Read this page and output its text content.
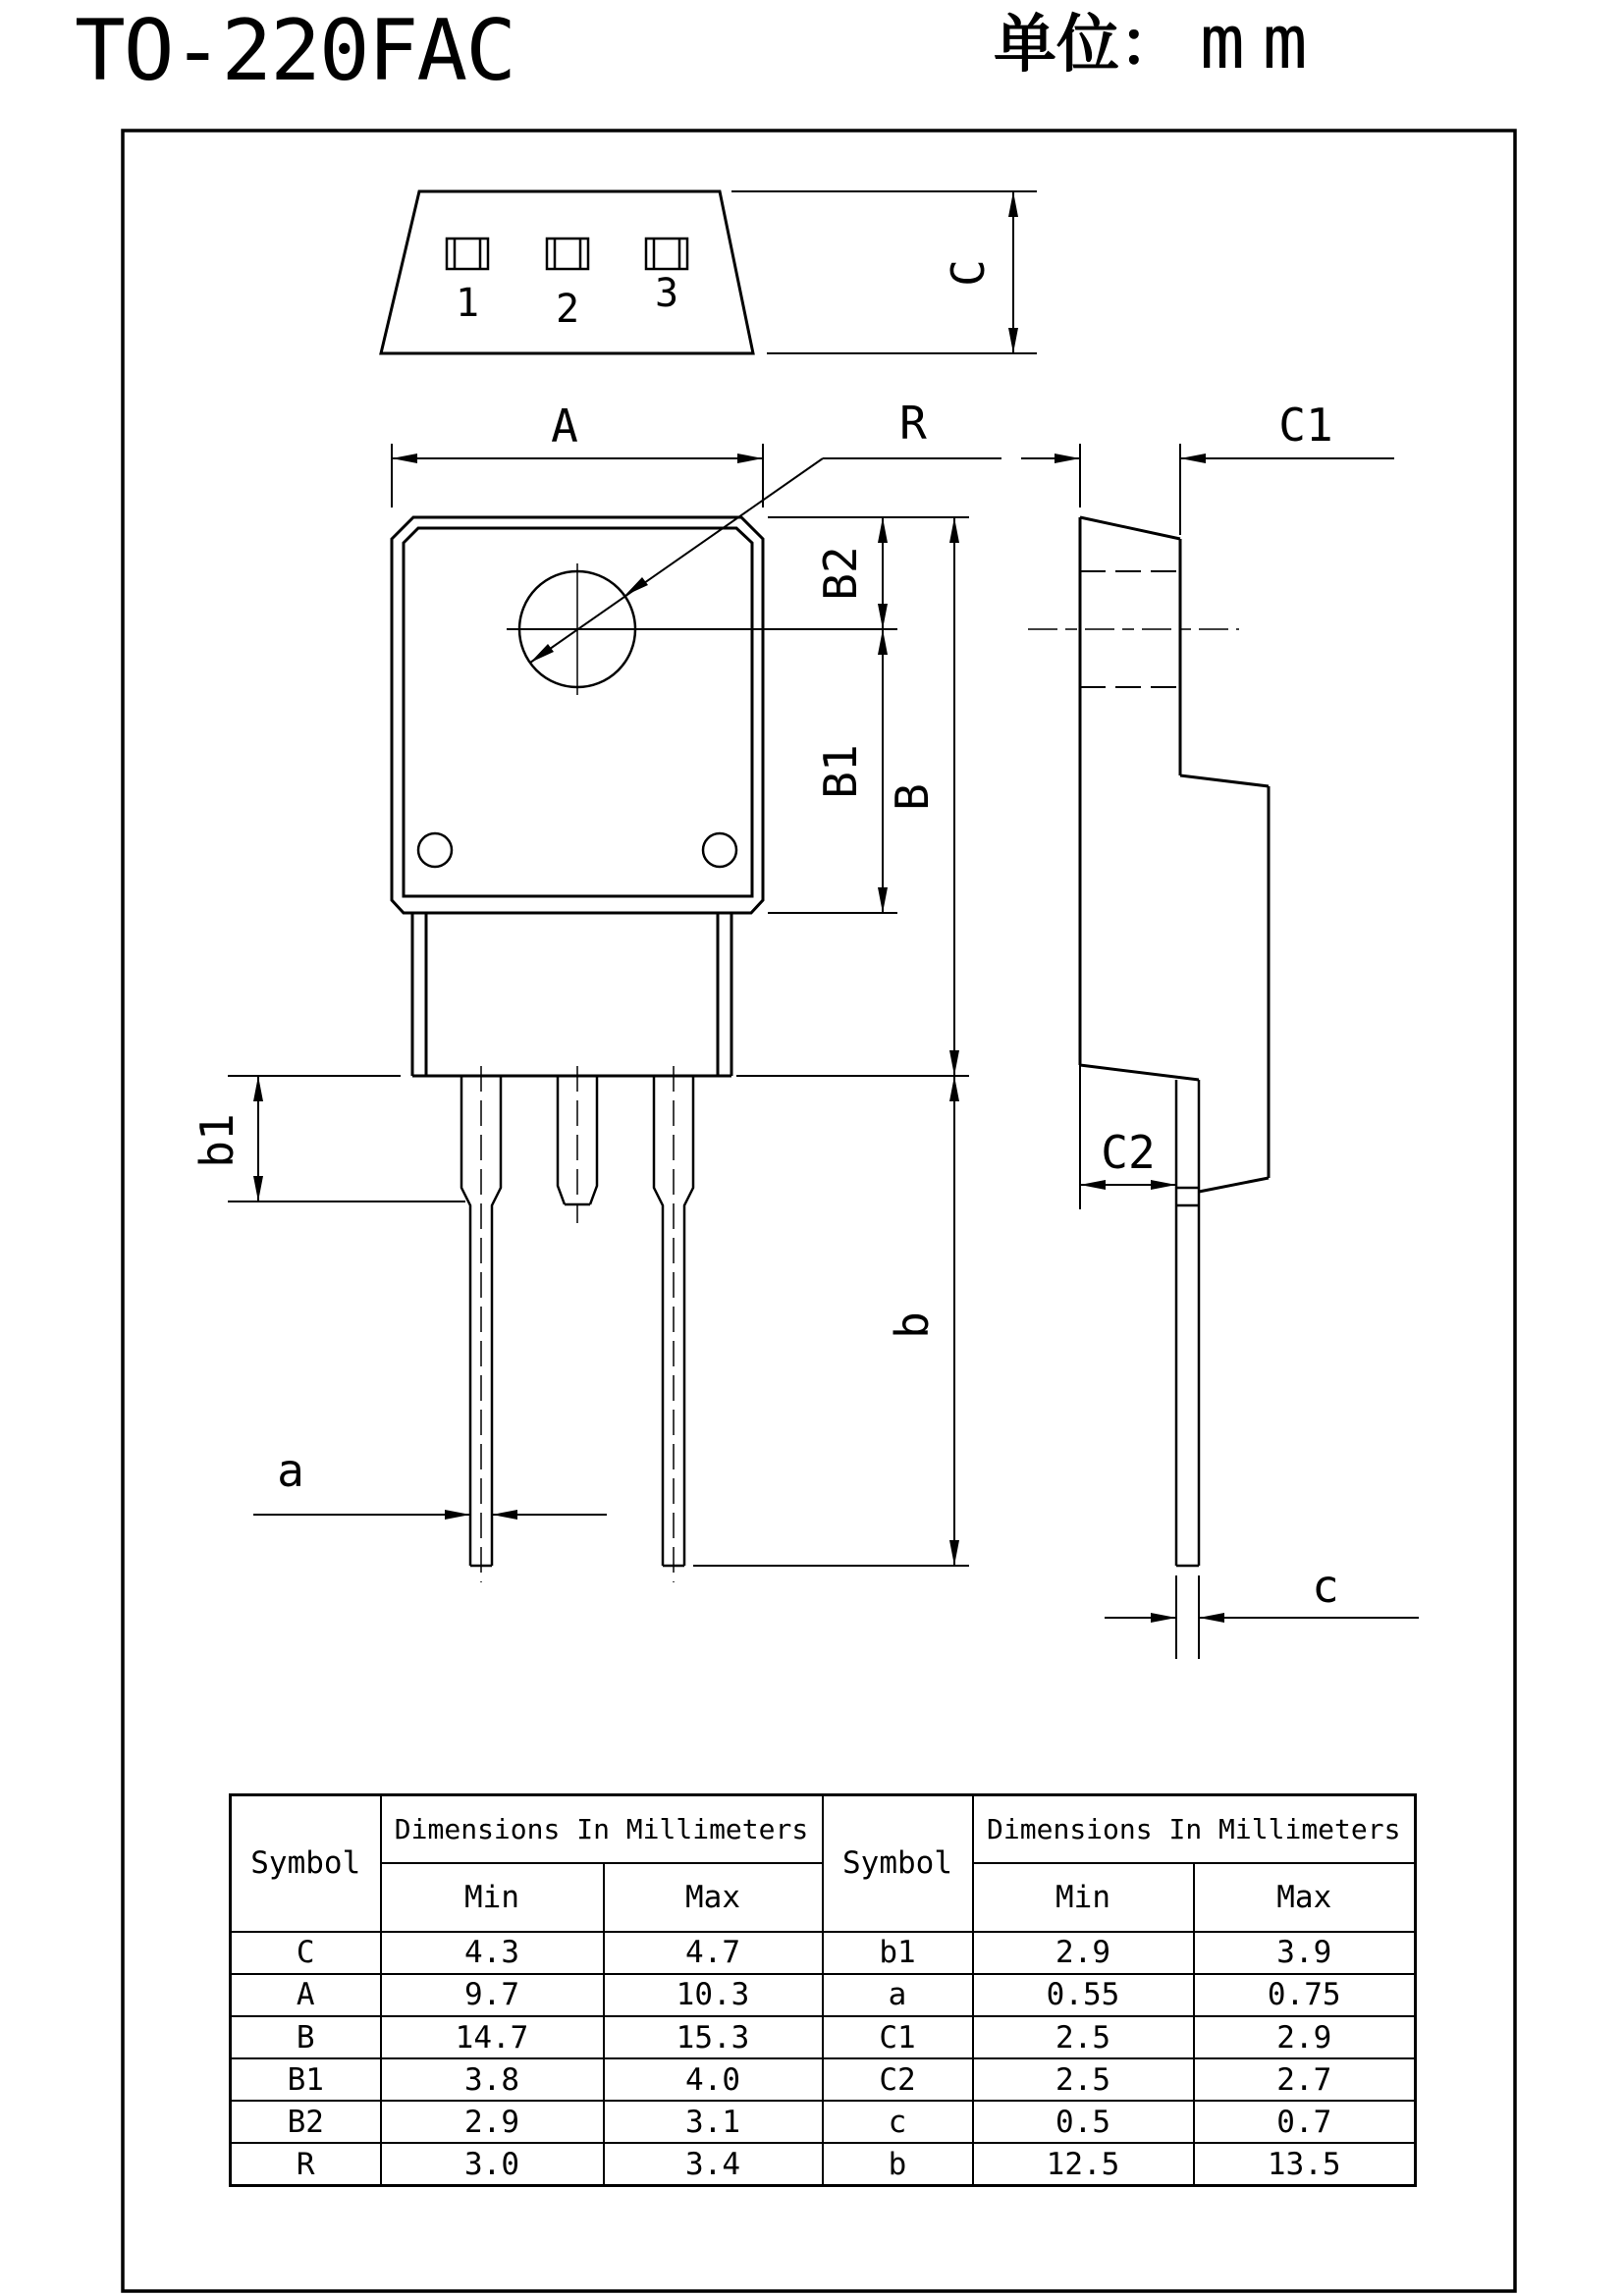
TO-220FAC	单位： mm
1 2 3	C
A	R
B2
B1 B
b
b1
a
C1
C2
c
Symbol	Dimensions In Millimeters		Symbol	Dimensions In Millimeters	
	Min	Max		Min	Max
C	4.3	4.7	b1	2.9	3.9
A	9.7	10.3	a	0.55	0.75
B	14.7	15.3	C1	2.5	2.9
B1	3.8	4.0	C2	2.5	2.7
B2	2.9	3.1	c	0.5	0.7
R	3.0	3.4	b	12.5	13.5
